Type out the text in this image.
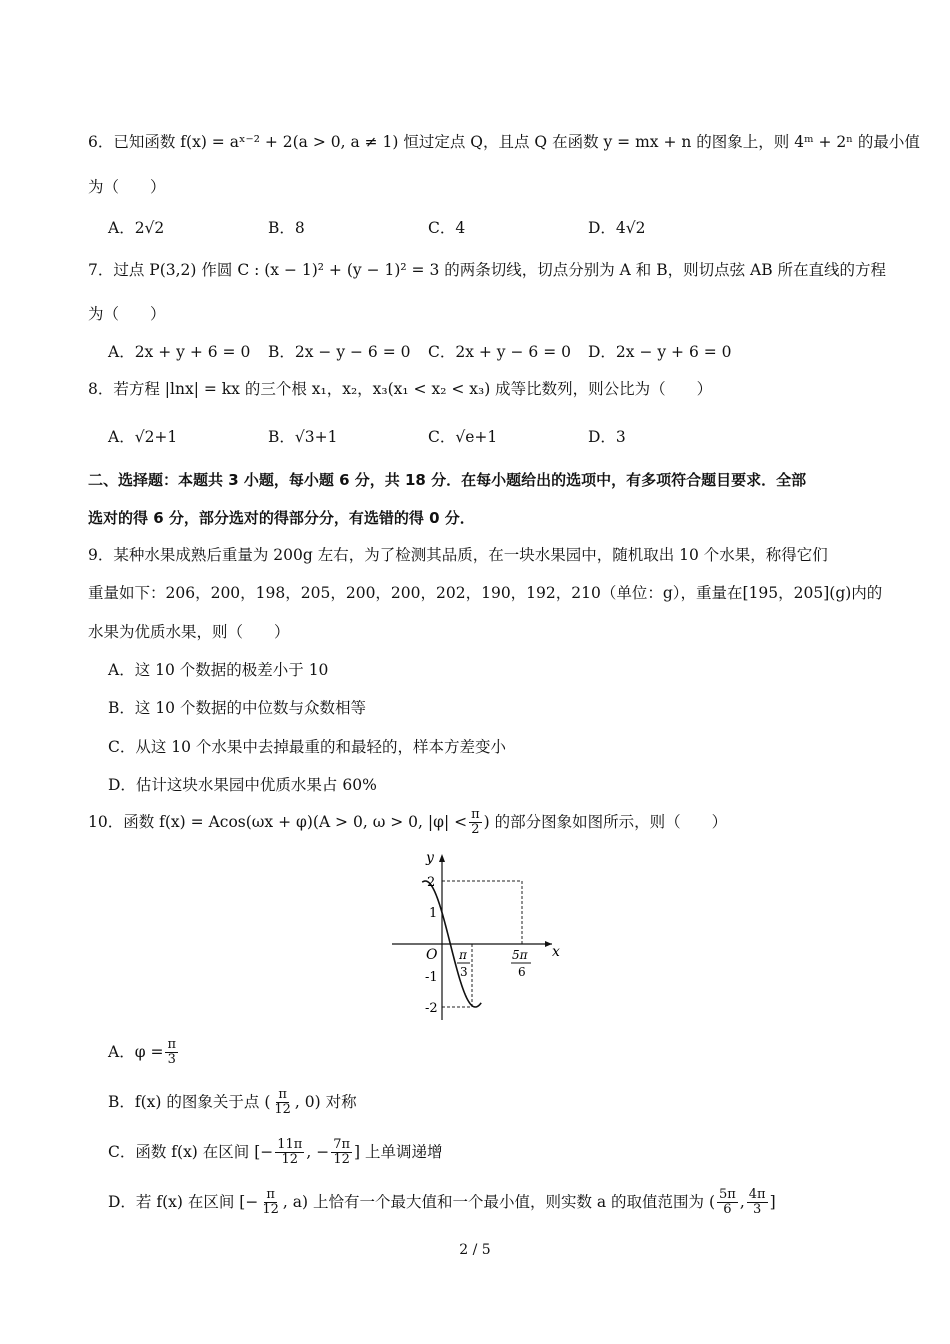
6．已知函数 f(x) = aˣ⁻² + 2(a > 0, a ≠ 1) 恒过定点 Q，且点 Q 在函数 y = mx + n 的图象上，则 4ᵐ + 2ⁿ 的最小值
为（　　）
A．2√2	B．8	C．4	D．4√2
7．过点 P(3,2) 作圆 C : (x − 1)² + (y − 1)² = 3 的两条切线，切点分别为 A 和 B，则切点弦 AB 所在直线的方程
为（　　）
A．2x + y + 6 = 0	B．2x − y − 6 = 0	C．2x + y − 6 = 0	D．2x − y + 6 = 0
8．若方程 |lnx| = kx 的三个根 x₁，x₂，x₃(x₁ < x₂ < x₃) 成等比数列，则公比为（　　）
A．√2+1	B．√3+1	C．√e+1	D．3
二、选择题：本题共 3 小题，每小题 6 分，共 18 分．在每小题给出的选项中，有多项符合题目要求．全部
选对的得 6 分，部分选对的得部分分，有选错的得 0 分．
9．某种水果成熟后重量为 200g 左右，为了检测其品质，在一块水果园中，随机取出 10 个水果，称得它们
重量如下：206，200，198，205，200，200，202，190，192，210（单位：g），重量在[195，205](g)内的
水果为优质水果，则（　　）
A．这 10 个数据的极差小于 10
B．这 10 个数据的中位数与众数相等
C．从这 10 个水果中去掉最重的和最轻的，样本方差变小
D．估计这块水果园中优质水果占 60%
10．函数 f(x) = Acos(ωx + φ)(A > 0, ω > 0, $|\varphi| < \frac{\pi}{2}$ ) 的部分图象如图所示，则（　　）
y
x
O
2
1
-1
-2
π
3
5π
6
A．$\varphi = \frac{\pi}{3}$
B．f(x) 的图象关于点 ( $\frac{\pi}{12}$ , 0) 对称
C．函数 f(x) 在区间 [− $\frac{11\pi}{12}$ , − $\frac{7\pi}{12}$ ] 上单调递增
D．若 f(x) 在区间 [− $\frac{\pi}{12}$ , a) 上恰有一个最大值和一个最小值，则实数 a 的取值范围为 ( $\frac{5\pi}{6}$ , $\frac{4\pi}{3}$ ]
2 / 5
